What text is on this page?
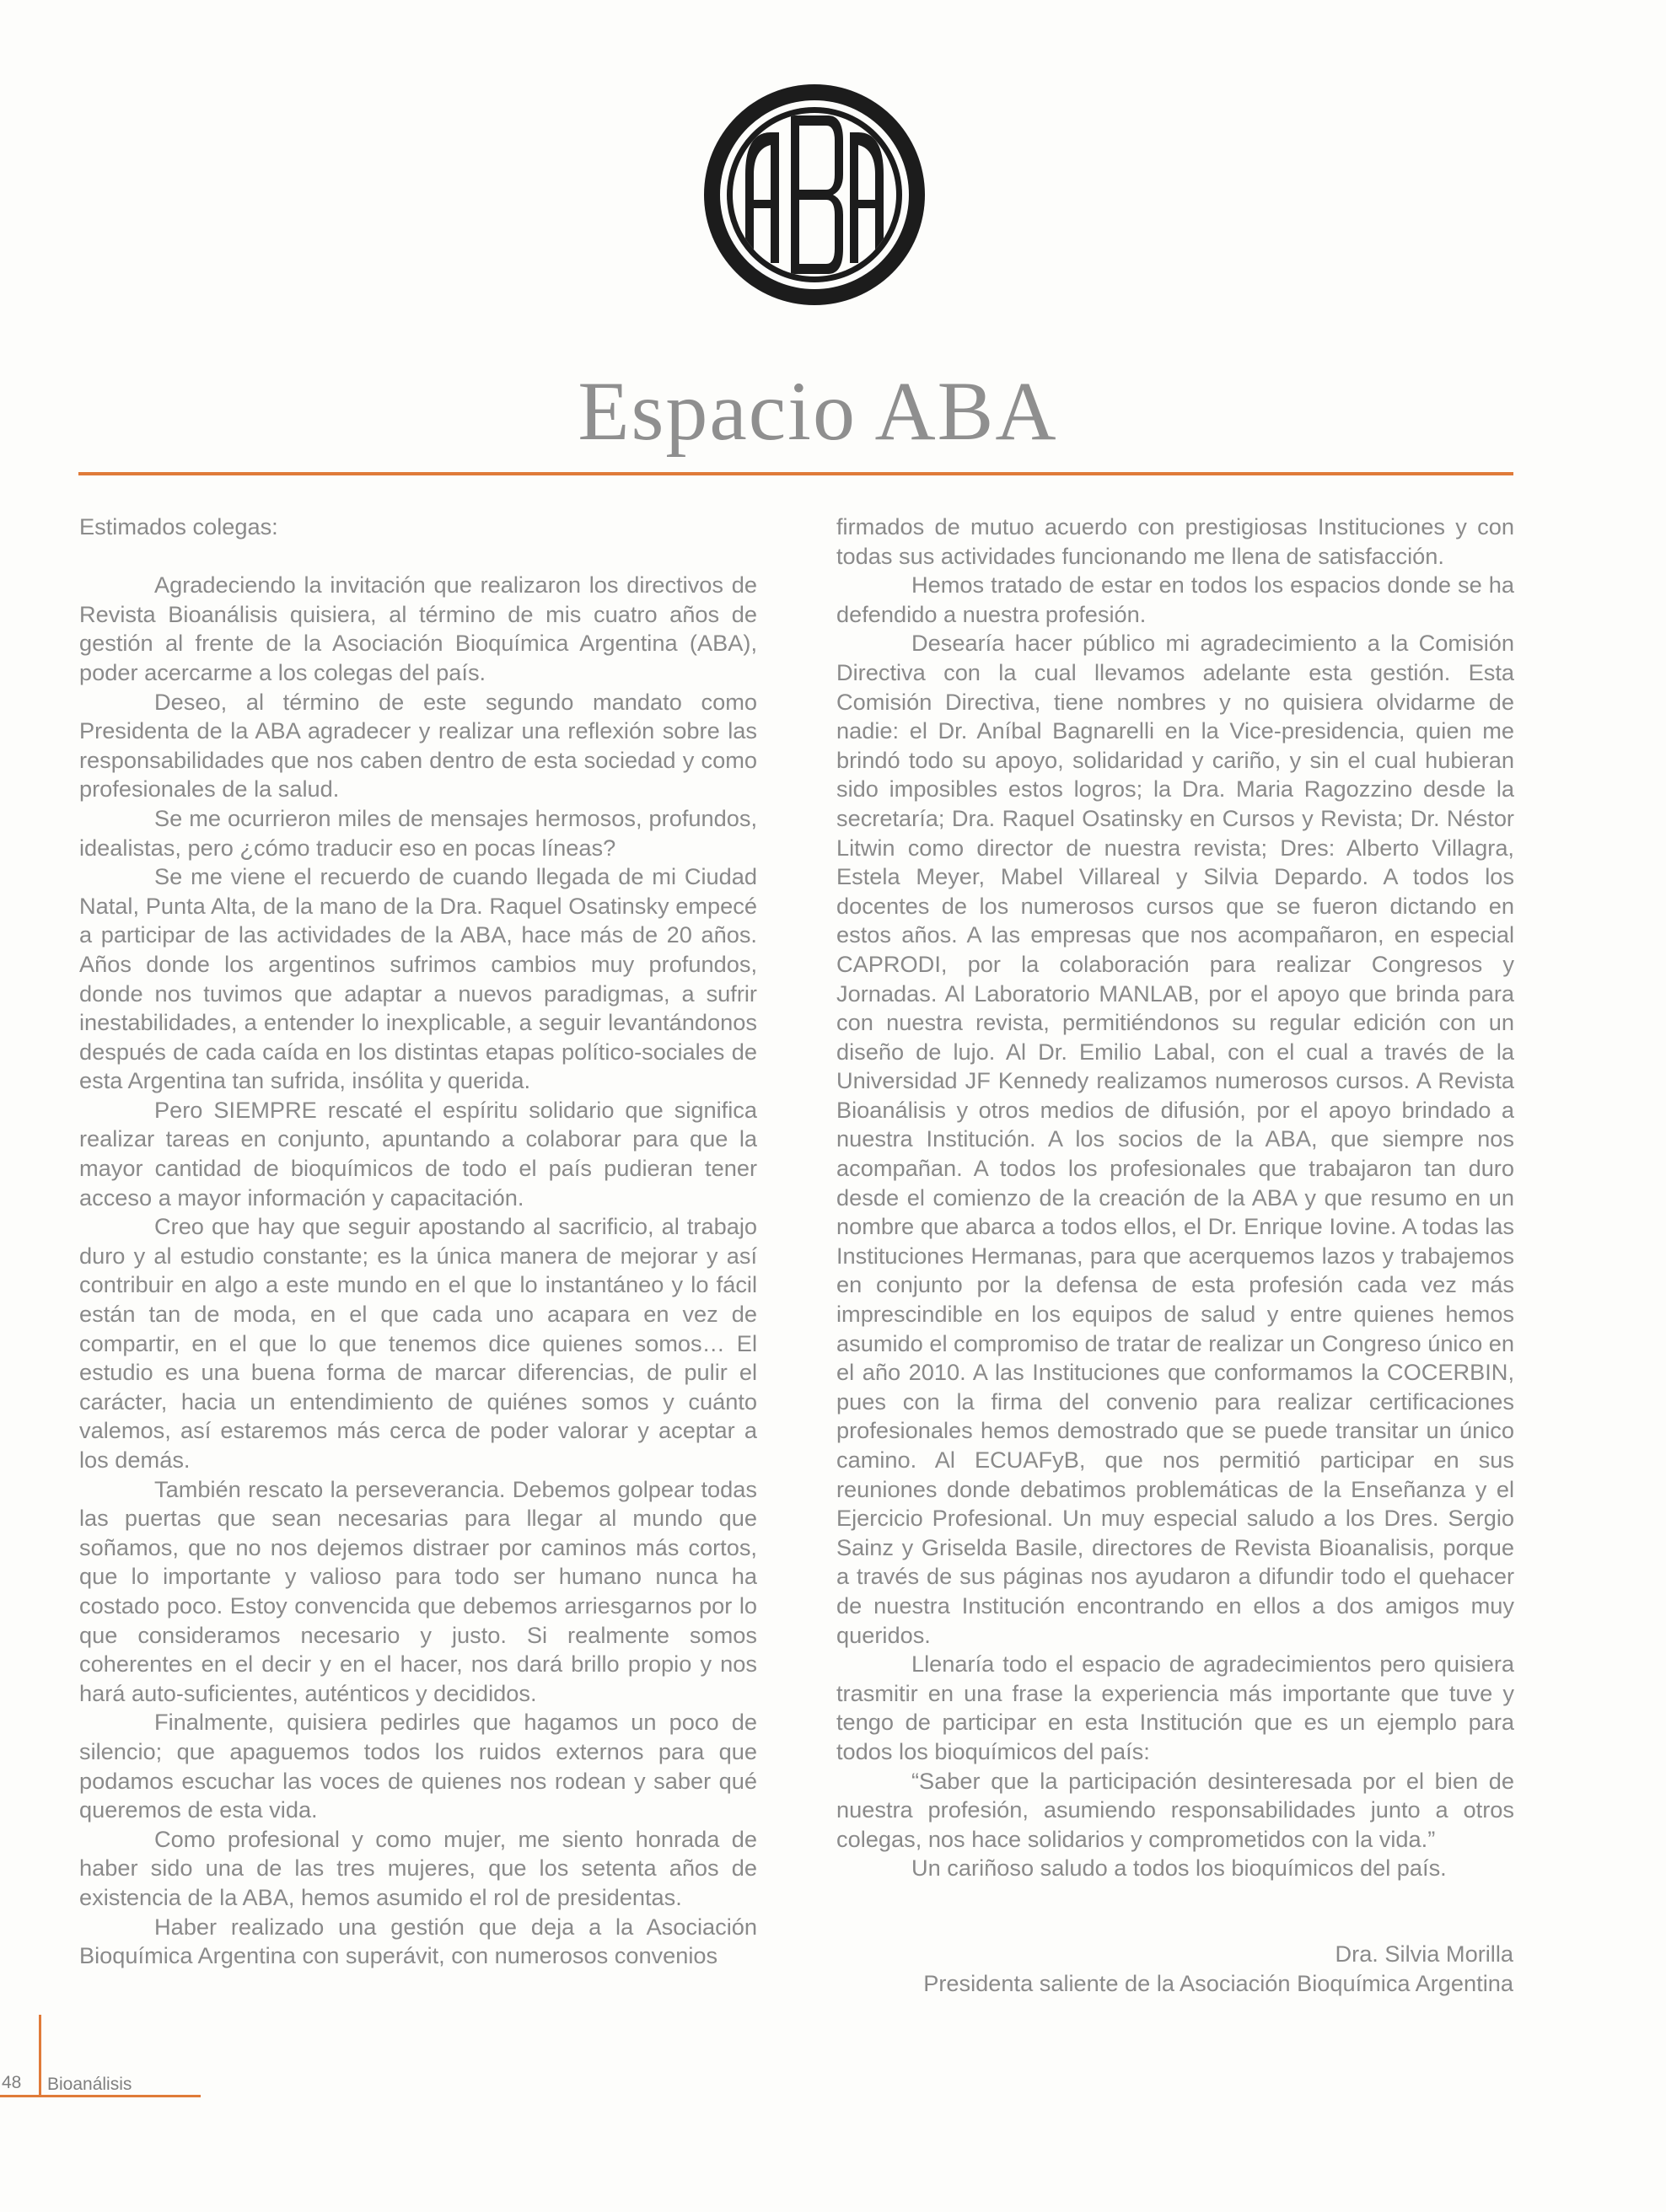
Espacio ABA

Estimados colegas:

Agradeciendo la invitación que realizaron los directivos de Revista Bioanálisis quisiera, al término de mis cuatro años de gestión al frente de la Asociación Bioquímica Argentina (ABA), poder acercarme a los colegas del país.

Deseo, al término de este segundo mandato como Presidenta de la ABA agradecer y realizar una reflexión sobre las responsabilidades que nos caben dentro de esta sociedad y como profesionales de la salud.

Se me ocurrieron miles de mensajes hermosos, profundos, idealistas, pero ¿cómo traducir eso en pocas líneas?

Se me viene el recuerdo de cuando llegada de mi Ciudad Natal, Punta Alta, de la mano de la Dra. Raquel Osatinsky empecé a participar de las actividades de la ABA, hace más de 20 años. Años donde los argentinos sufrimos cambios muy profundos, donde nos tuvimos que adaptar a nuevos paradigmas, a sufrir inestabilidades, a entender lo inexplicable, a seguir levantándonos después de cada caída en los distintas etapas político-sociales de esta Argentina tan sufrida, insólita y querida.

Pero SIEMPRE rescaté el espíritu solidario que significa realizar tareas en conjunto, apuntando a colaborar para que la mayor cantidad de bioquímicos de todo el país pudieran tener acceso a mayor información y capacitación.

Creo que hay que seguir apostando al sacrificio, al trabajo duro y al estudio constante; es la única manera de mejorar y así contribuir en algo a este mundo en el que lo instantáneo y lo fácil están tan de moda, en el que cada uno acapara en vez de compartir, en el que lo que tenemos dice quienes somos… El estudio es una buena forma de marcar diferencias, de pulir el carácter, hacia un entendimiento de quiénes somos y cuánto valemos, así estaremos más cerca de poder valorar y aceptar a los demás.

También rescato la perseverancia. Debemos golpear todas las puertas que sean necesarias para llegar al mundo que soñamos, que no nos dejemos distraer por caminos más cortos, que lo importante y valioso para todo ser humano nunca ha costado poco. Estoy convencida que debemos arriesgarnos por lo que consideramos necesario y justo. Si realmente somos coherentes en el decir y en el hacer, nos dará brillo propio y nos hará auto-suficientes, auténticos y decididos.

Finalmente, quisiera pedirles que hagamos un poco de silencio; que apaguemos todos los ruidos externos para que podamos escuchar las voces de quienes nos rodean y saber qué queremos de esta vida.

Como profesional y como mujer, me siento honrada de haber sido una de las tres mujeres, que los setenta años de existencia de la ABA, hemos asumido el rol de presidentas.

Haber realizado una gestión que deja a la Asociación Bioquímica Argentina con superávit, con numerosos convenios

firmados de mutuo acuerdo con prestigiosas Instituciones y con todas sus actividades funcionando me llena de satisfacción.

Hemos tratado de estar en todos los espacios donde se ha defendido a nuestra profesión.

Desearía hacer público mi agradecimiento a la Comisión Directiva con la cual llevamos adelante esta gestión. Esta Comisión Directiva, tiene nombres y no quisiera olvidarme de nadie: el Dr. Aníbal Bagnarelli en la Vice-presidencia, quien me brindó todo su apoyo, solidaridad y cariño, y sin el cual hubieran sido imposibles estos logros; la Dra. Maria Ragozzino desde la secretaría; Dra. Raquel Osatinsky en Cursos y Revista; Dr. Néstor Litwin como director de nuestra revista; Dres: Alberto Villagra, Estela Meyer, Mabel Villareal y Silvia Depardo. A todos los docentes de los numerosos cursos que se fueron dictando en estos años. A las empresas que nos acompañaron, en especial CAPRODI, por la colaboración para realizar Congresos y Jornadas. Al Laboratorio MANLAB, por el apoyo que brinda para con nuestra revista, permitiéndonos su regular edición con un diseño de lujo. Al Dr. Emilio Labal, con el cual a través de la Universidad JF Kennedy realizamos numerosos cursos. A Revista Bioanálisis y otros medios de difusión, por el apoyo brindado a nuestra Institución. A los socios de la ABA, que siempre nos acompañan. A todos los profesionales que trabajaron tan duro desde el comienzo de la creación de la ABA y que resumo en un nombre que abarca a todos ellos, el Dr. Enrique Iovine. A todas las Instituciones Hermanas, para que acerquemos lazos y trabajemos en conjunto por la defensa de esta profesión cada vez más imprescindible en los equipos de salud y entre quienes hemos asumido el compromiso de tratar de realizar un Congreso único en el año 2010. A las Instituciones que conformamos la COCERBIN, pues con la firma del convenio para realizar certificaciones profesionales hemos demostrado que se puede transitar un único camino. Al ECUAFyB, que nos permitió participar en sus reuniones donde debatimos problemáticas de la Enseñanza y el Ejercicio Profesional. Un muy especial saludo a los Dres. Sergio Sainz y Griselda Basile, directores de Revista Bioanalisis, porque a través de sus páginas nos ayudaron a difundir todo el quehacer de nuestra Institución encontrando en ellos a dos amigos muy queridos.

Llenaría todo el espacio de agradecimientos pero quisiera trasmitir en una frase la experiencia más importante que tuve y tengo de participar en esta Institución que es un ejemplo para todos los bioquímicos del país:

“Saber que la participación desinteresada por el bien de nuestra profesión, asumiendo responsabilidades junto a otros colegas, nos hace solidarios y comprometidos con la vida.”

Un cariñoso saludo a todos los bioquímicos del país.

Dra. Silvia Morilla
Presidenta saliente de la Asociación Bioquímica Argentina
48 Bioanálisis
